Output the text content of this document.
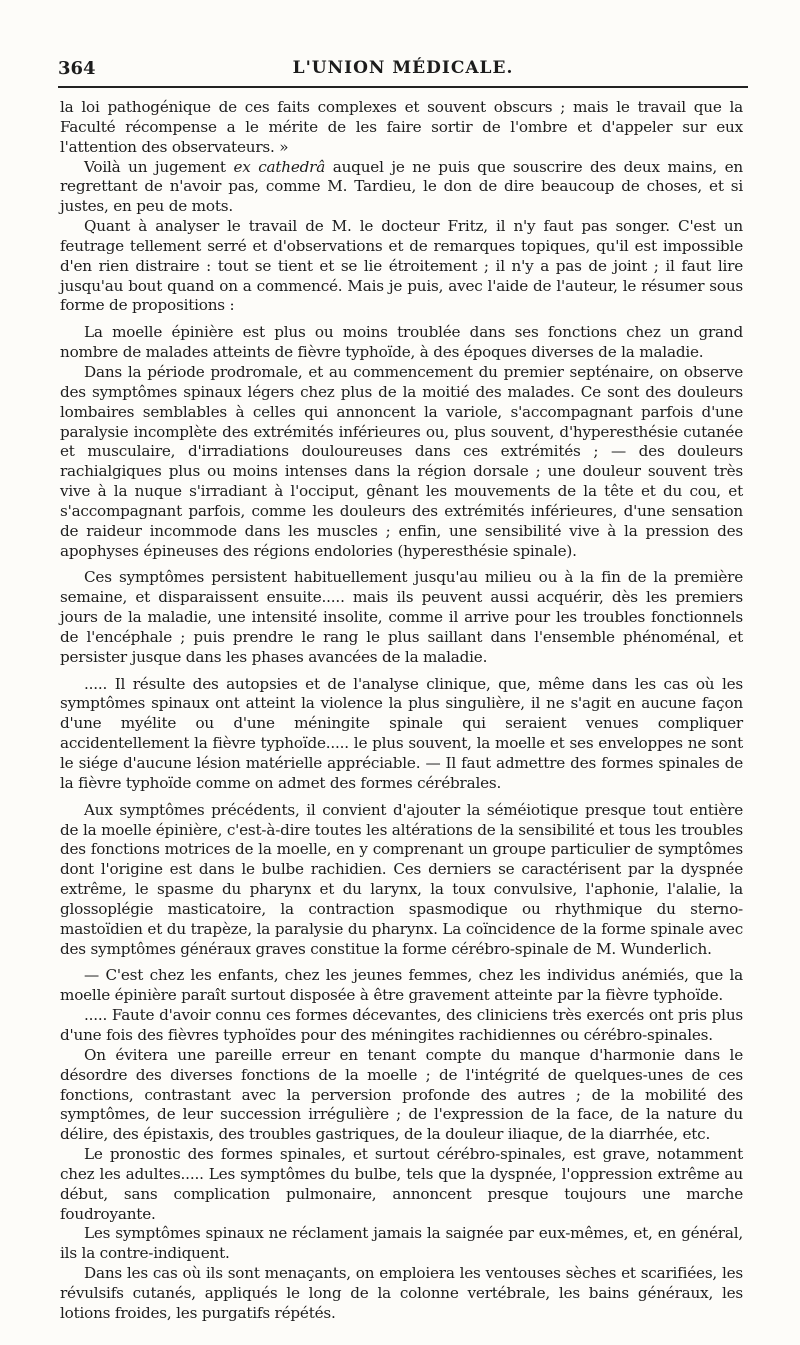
364	L'UNION MÉDICALE.

la loi pathogénique de ces faits complexes et souvent obscurs ; mais le travail que la Faculté récompense a le mérite de les faire sortir de l'ombre et d'appeler sur eux l'attention des observateurs. »

Voilà un jugement ex cathedrâ auquel je ne puis que souscrire des deux mains, en regrettant de n'avoir pas, comme M. Tardieu, le don de dire beaucoup de choses, et si justes, en peu de mots.

Quant à analyser le travail de M. le docteur Fritz, il n'y faut pas songer. C'est un feutrage tellement serré et d'observations et de remarques topiques, qu'il est impossible d'en rien distraire : tout se tient et se lie étroitement ; il n'y a pas de joint ; il faut lire jusqu'au bout quand on a commencé. Mais je puis, avec l'aide de l'auteur, le résumer sous forme de propositions :

La moelle épinière est plus ou moins troublée dans ses fonctions chez un grand nombre de malades atteints de fièvre typhoïde, à des époques diverses de la maladie.

Dans la période prodromale, et au commencement du premier septénaire, on observe des symptômes spinaux légers chez plus de la moitié des malades. Ce sont des douleurs lombaires semblables à celles qui annoncent la variole, s'accompagnant parfois d'une paralysie incomplète des extrémités inférieures ou, plus souvent, d'hyperesthésie cutanée et musculaire, d'irradiations douloureuses dans ces extrémités ; — des douleurs rachialgiques plus ou moins intenses dans la région dorsale ; une douleur souvent très vive à la nuque s'irradiant à l'occiput, gênant les mouvements de la tête et du cou, et s'accompagnant parfois, comme les douleurs des extrémités inférieures, d'une sensation de raideur incommode dans les muscles ; enfin, une sensibilité vive à la pression des apophyses épineuses des régions endolories (hyperesthésie spinale).

Ces symptômes persistent habituellement jusqu'au milieu ou à la fin de la première semaine, et disparaissent ensuite..... mais ils peuvent aussi acquérir, dès les premiers jours de la maladie, une intensité insolite, comme il arrive pour les troubles fonctionnels de l'encéphale ; puis prendre le rang le plus saillant dans l'ensemble phénoménal, et persister jusque dans les phases avancées de la maladie.

..... Il résulte des autopsies et de l'analyse clinique, que, même dans les cas où les symptômes spinaux ont atteint la violence la plus singulière, il ne s'agit en aucune façon d'une myélite ou d'une méningite spinale qui seraient venues compliquer accidentellement la fièvre typhoïde..... le plus souvent, la moelle et ses enveloppes ne sont le siége d'aucune lésion matérielle appréciable. — Il faut admettre des formes spinales de la fièvre typhoïde comme on admet des formes cérébrales.

Aux symptômes précédents, il convient d'ajouter la séméiotique presque tout entière de la moelle épinière, c'est-à-dire toutes les altérations de la sensibilité et tous les troubles des fonctions motrices de la moelle, en y comprenant un groupe particulier de symptômes dont l'origine est dans le bulbe rachidien. Ces derniers se caractérisent par la dyspnée extrême, le spasme du pharynx et du larynx, la toux convulsive, l'aphonie, l'alalie, la glossoplégie masticatoire, la contraction spasmodique ou rhythmique du sterno-mastoïdien et du trapèze, la paralysie du pharynx. La coïncidence de la forme spinale avec des symptômes généraux graves constitue la forme cérébro-spinale de M. Wunderlich.

— C'est chez les enfants, chez les jeunes femmes, chez les individus anémiés, que la moelle épinière paraît surtout disposée à être gravement atteinte par la fièvre typhoïde.

..... Faute d'avoir connu ces formes décevantes, des cliniciens très exercés ont pris plus d'une fois des fièvres typhoïdes pour des méningites rachidiennes ou cérébro-spinales.

On évitera une pareille erreur en tenant compte du manque d'harmonie dans le désordre des diverses fonctions de la moelle ; de l'intégrité de quelques-unes de ces fonctions, contrastant avec la perversion profonde des autres ; de la mobilité des symptômes, de leur succession irrégulière ; de l'expression de la face, de la nature du délire, des épistaxis, des troubles gastriques, de la douleur iliaque, de la diarrhée, etc.

Le pronostic des formes spinales, et surtout cérébro-spinales, est grave, notamment chez les adultes..... Les symptômes du bulbe, tels que la dyspnée, l'oppression extrême au début, sans complication pulmonaire, annoncent presque toujours une marche foudroyante.

Les symptômes spinaux ne réclament jamais la saignée par eux-mêmes, et, en général, ils la contre-indiquent.

Dans les cas où ils sont menaçants, on emploiera les ventouses sèches et scarifiées, les révulsifs cutanés, appliqués le long de la colonne vertébrale, les bains généraux, les lotions froides, les purgatifs répétés.
